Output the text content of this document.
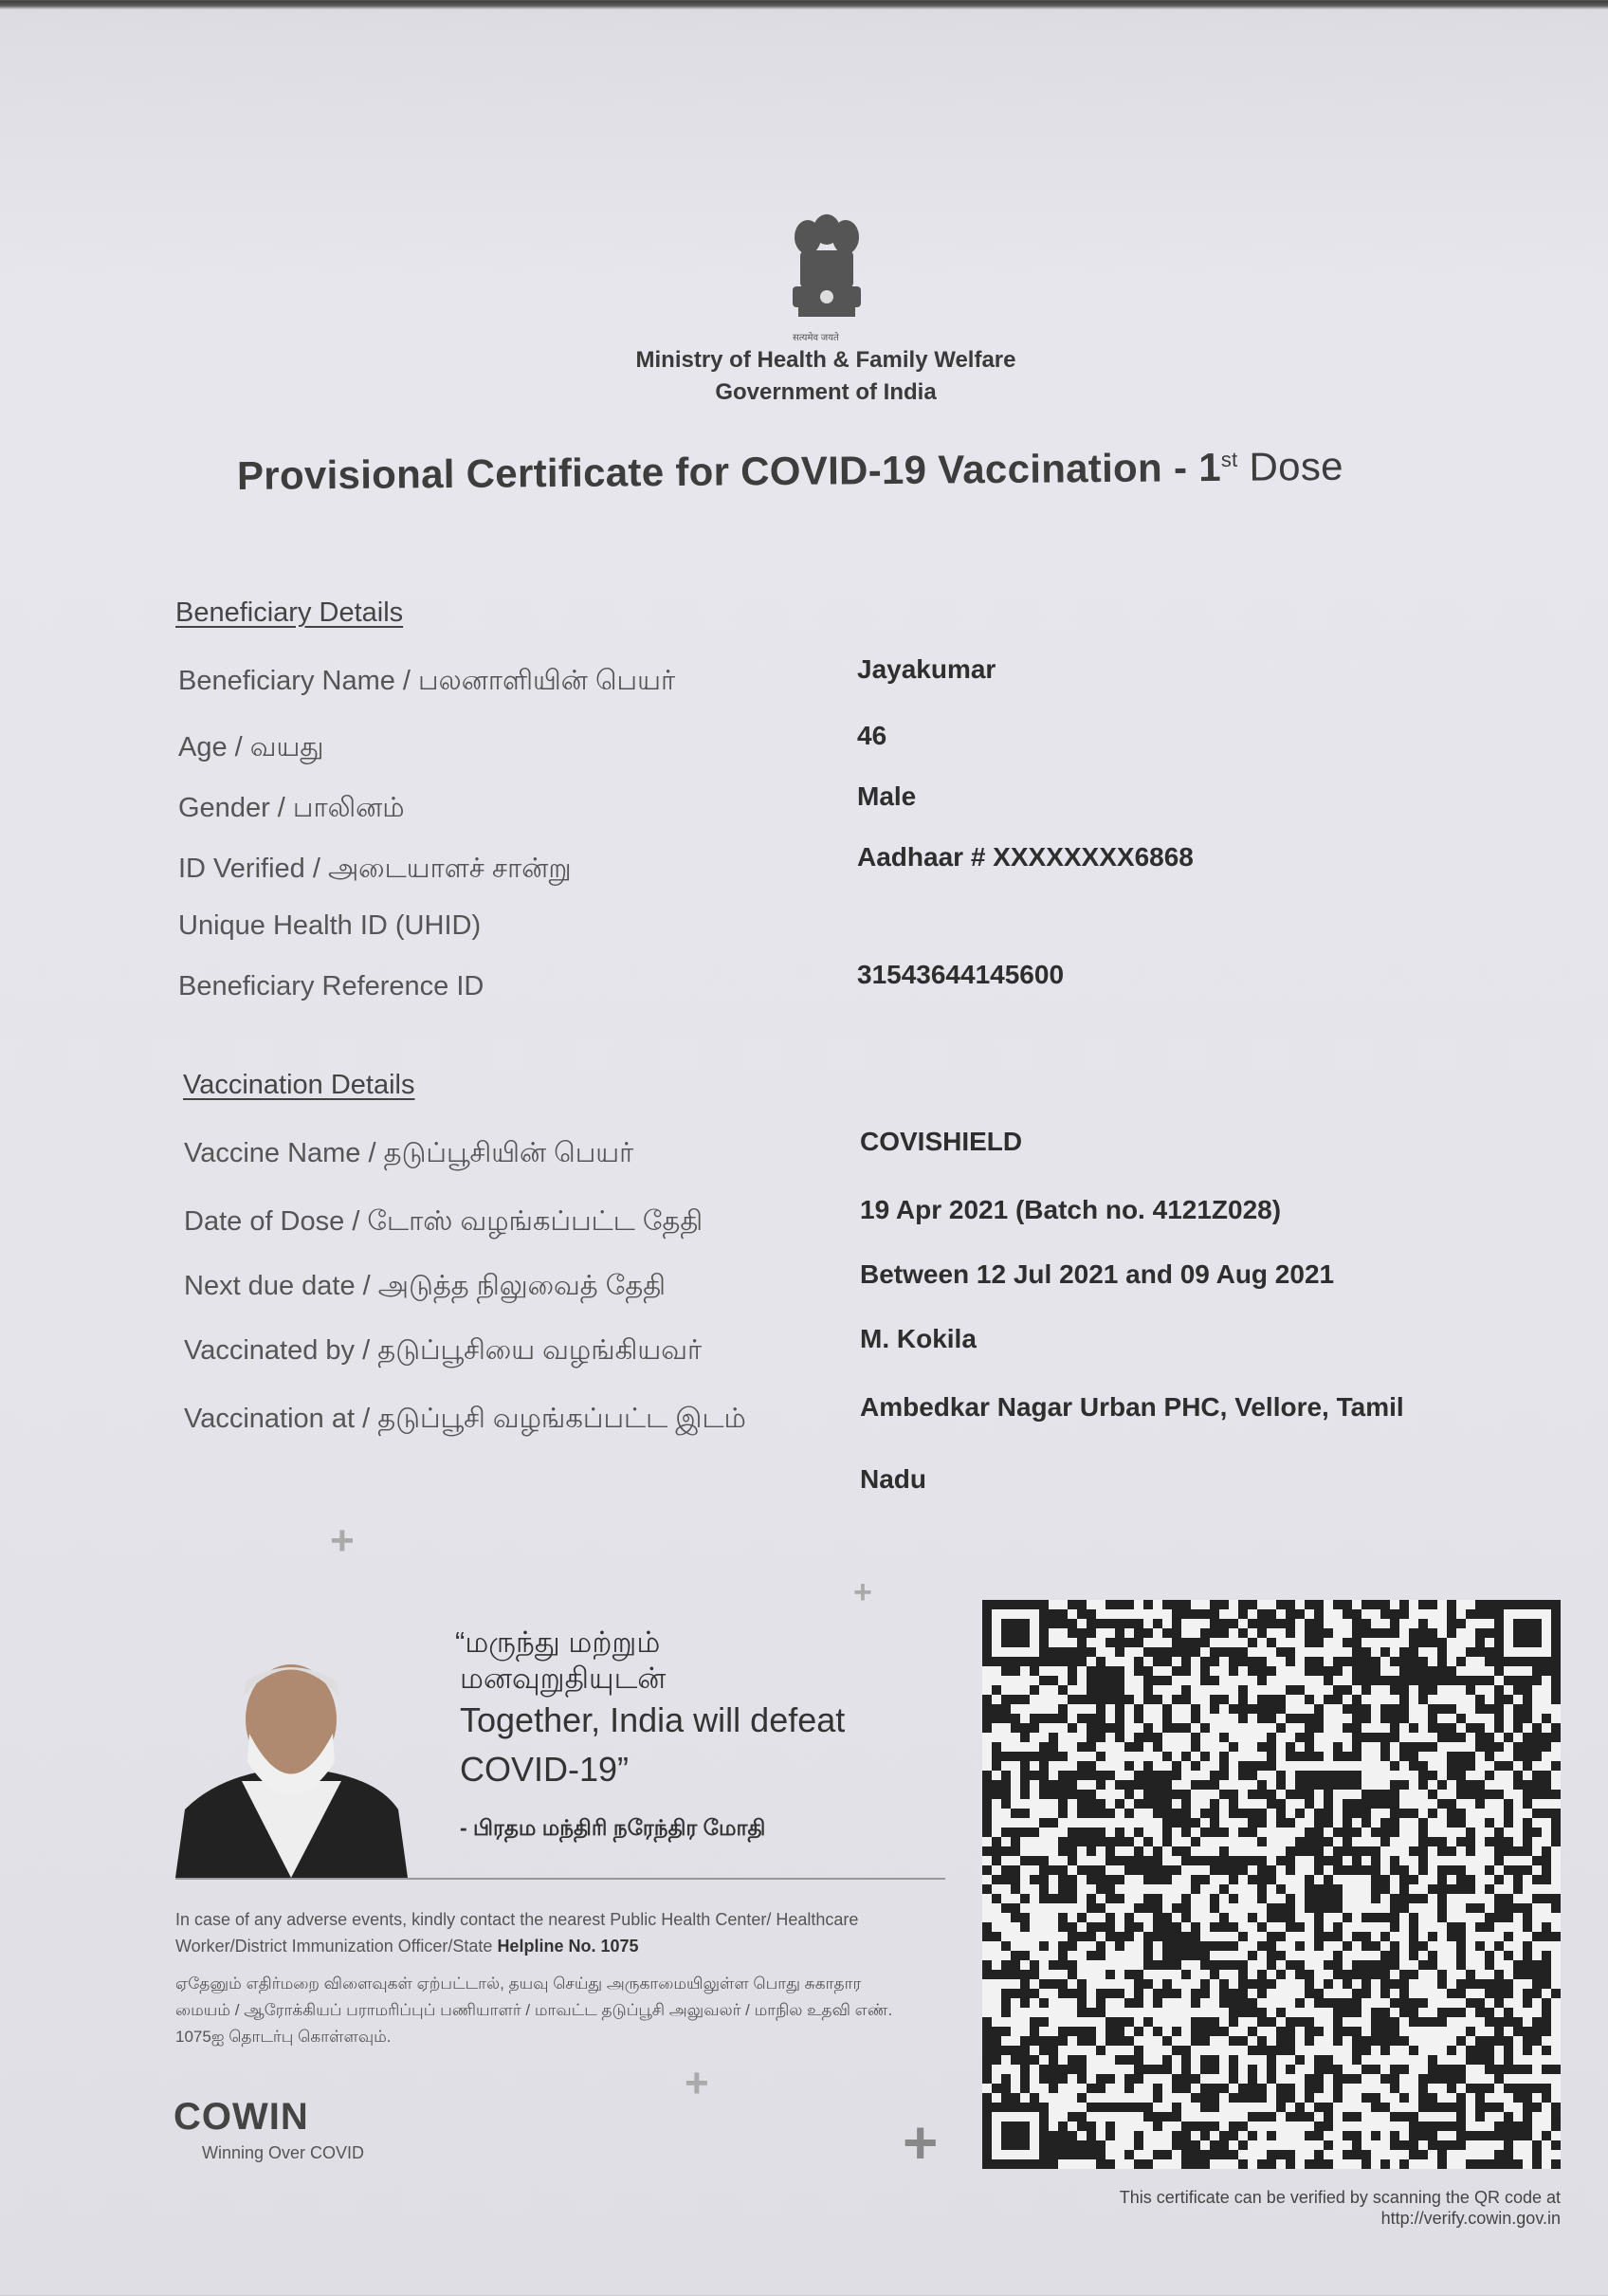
सत्यमेव जयते
Ministry of Health & Family Welfare
Government of India
Provisional Certificate for COVID-19 Vaccination - 1st Dose
Beneficiary Details
Beneficiary Name / பலனாளியின் பெயர்	Jayakumar
Age / வயது	46
Gender / பாலினம்	Male
ID Verified / அடையாளச் சான்று	Aadhaar # XXXXXXXX6868
Unique Health ID (UHID)
Beneficiary Reference ID	31543644145600
Vaccination Details
Vaccine Name / தடுப்பூசியின் பெயர்	COVISHIELD
Date of Dose / டோஸ் வழங்கப்பட்ட தேதி	19 Apr 2021 (Batch no. 4121Z028)
Next due date / அடுத்த நிலுவைத் தேதி	Between 12 Jul 2021 and 09 Aug 2021
Vaccinated by / தடுப்பூசியை வழங்கியவர்	M. Kokila
Vaccination at / தடுப்பூசி வழங்கப்பட்ட இடம்	Ambedkar Nagar Urban PHC, Vellore, Tamil
Nadu
+
+
+
+
“மருந்து மற்றும்
மனவுறுதியுடன்
Together, India will defeat
COVID-19”
- பிரதம மந்திரி நரேந்திர மோதி
In case of any adverse events, kindly contact the nearest Public Health Center/ Healthcare Worker/District Immunization Officer/State Helpline No. 1075
ஏதேனும் எதிர்மறை விளைவுகள் ஏற்பட்டால், தயவு செய்து அருகாமையிலுள்ள பொது சுகாதார மையம் / ஆரோக்கியப் பராமரிப்புப் பணியாளர் / மாவட்ட தடுப்பூசி அலுவலர் / மாநில உதவி எண். 1075ஐ தொடர்பு கொள்ளவும்.
COWIN
Winning Over COVID
This certificate can be verified by scanning the QR code at
http://verify.cowin.gov.in
